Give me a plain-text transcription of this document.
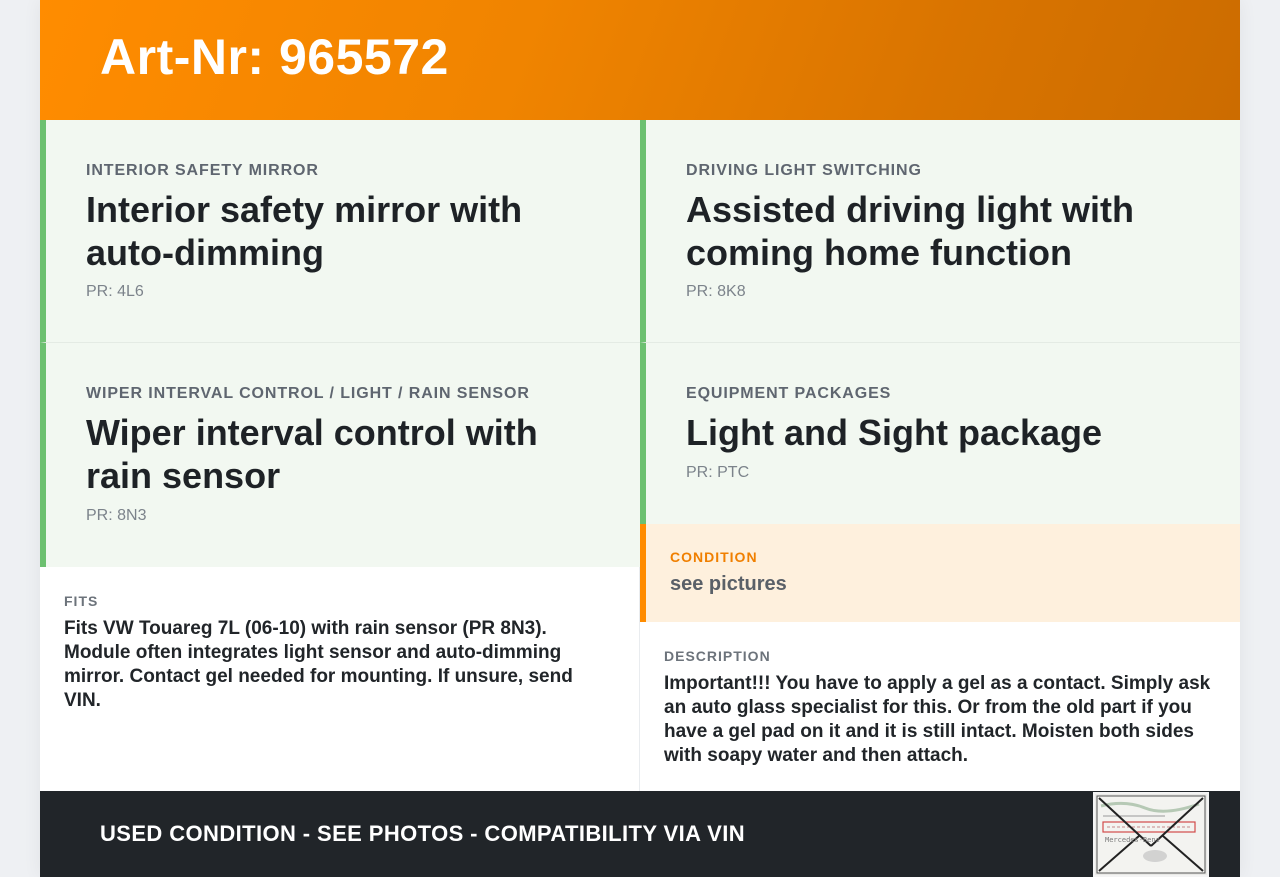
Art-Nr: 965572
INTERIOR SAFETY MIRROR
Interior safety mirror with auto-dimming
PR: 4L6
DRIVING LIGHT SWITCHING
Assisted driving light with coming home function
PR: 8K8
WIPER INTERVAL CONTROL / LIGHT / RAIN SENSOR
Wiper interval control with rain sensor
PR: 8N3
EQUIPMENT PACKAGES
Light and Sight package
PR: PTC
CONDITION
see pictures
FITS
Fits VW Touareg 7L (06-10) with rain sensor (PR 8N3). Module often integrates light sensor and auto-dimming mirror. Contact gel needed for mounting. If unsure, send VIN.
DESCRIPTION
Important!!! You have to apply a gel as a contact. Simply ask an auto glass specialist for this. Or from the old part if you have a gel pad on it and it is still intact. Moisten both sides with soapy water and then attach.
USED CONDITION - SEE PHOTOS - COMPATIBILITY VIA VIN	Mercedes-Benz
